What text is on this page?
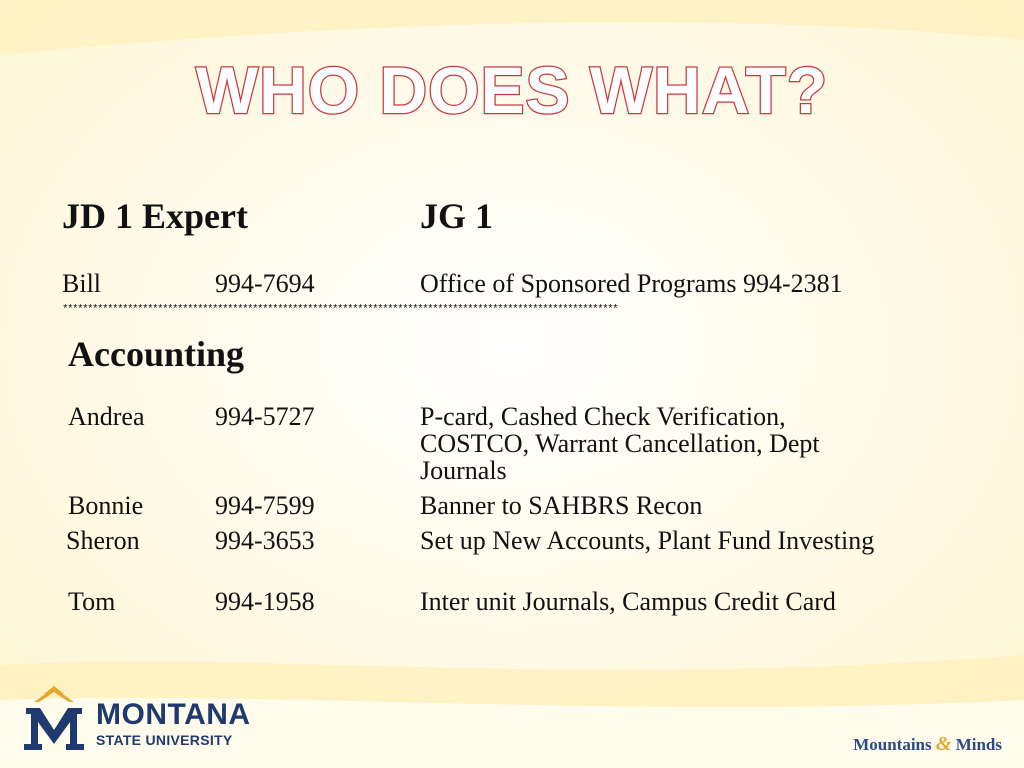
WHO DOES WHAT?
JD 1 Expert	JG 1
Bill	994-7694	Office of Sponsored Programs 994-2381
***************************************************************************************************************
Accounting
Andrea	994-5727	P-card, Cashed Check Verification, COSTCO, Warrant Cancellation, Dept Journals
Bonnie	994-7599	Banner to SAHBRS Recon
Sheron	994-3653	Set up New Accounts, Plant Fund Investing
Tom	994-1958	Inter unit Journals, Campus Credit Card
MONTANA
STATE UNIVERSITY	Mountains & Minds
